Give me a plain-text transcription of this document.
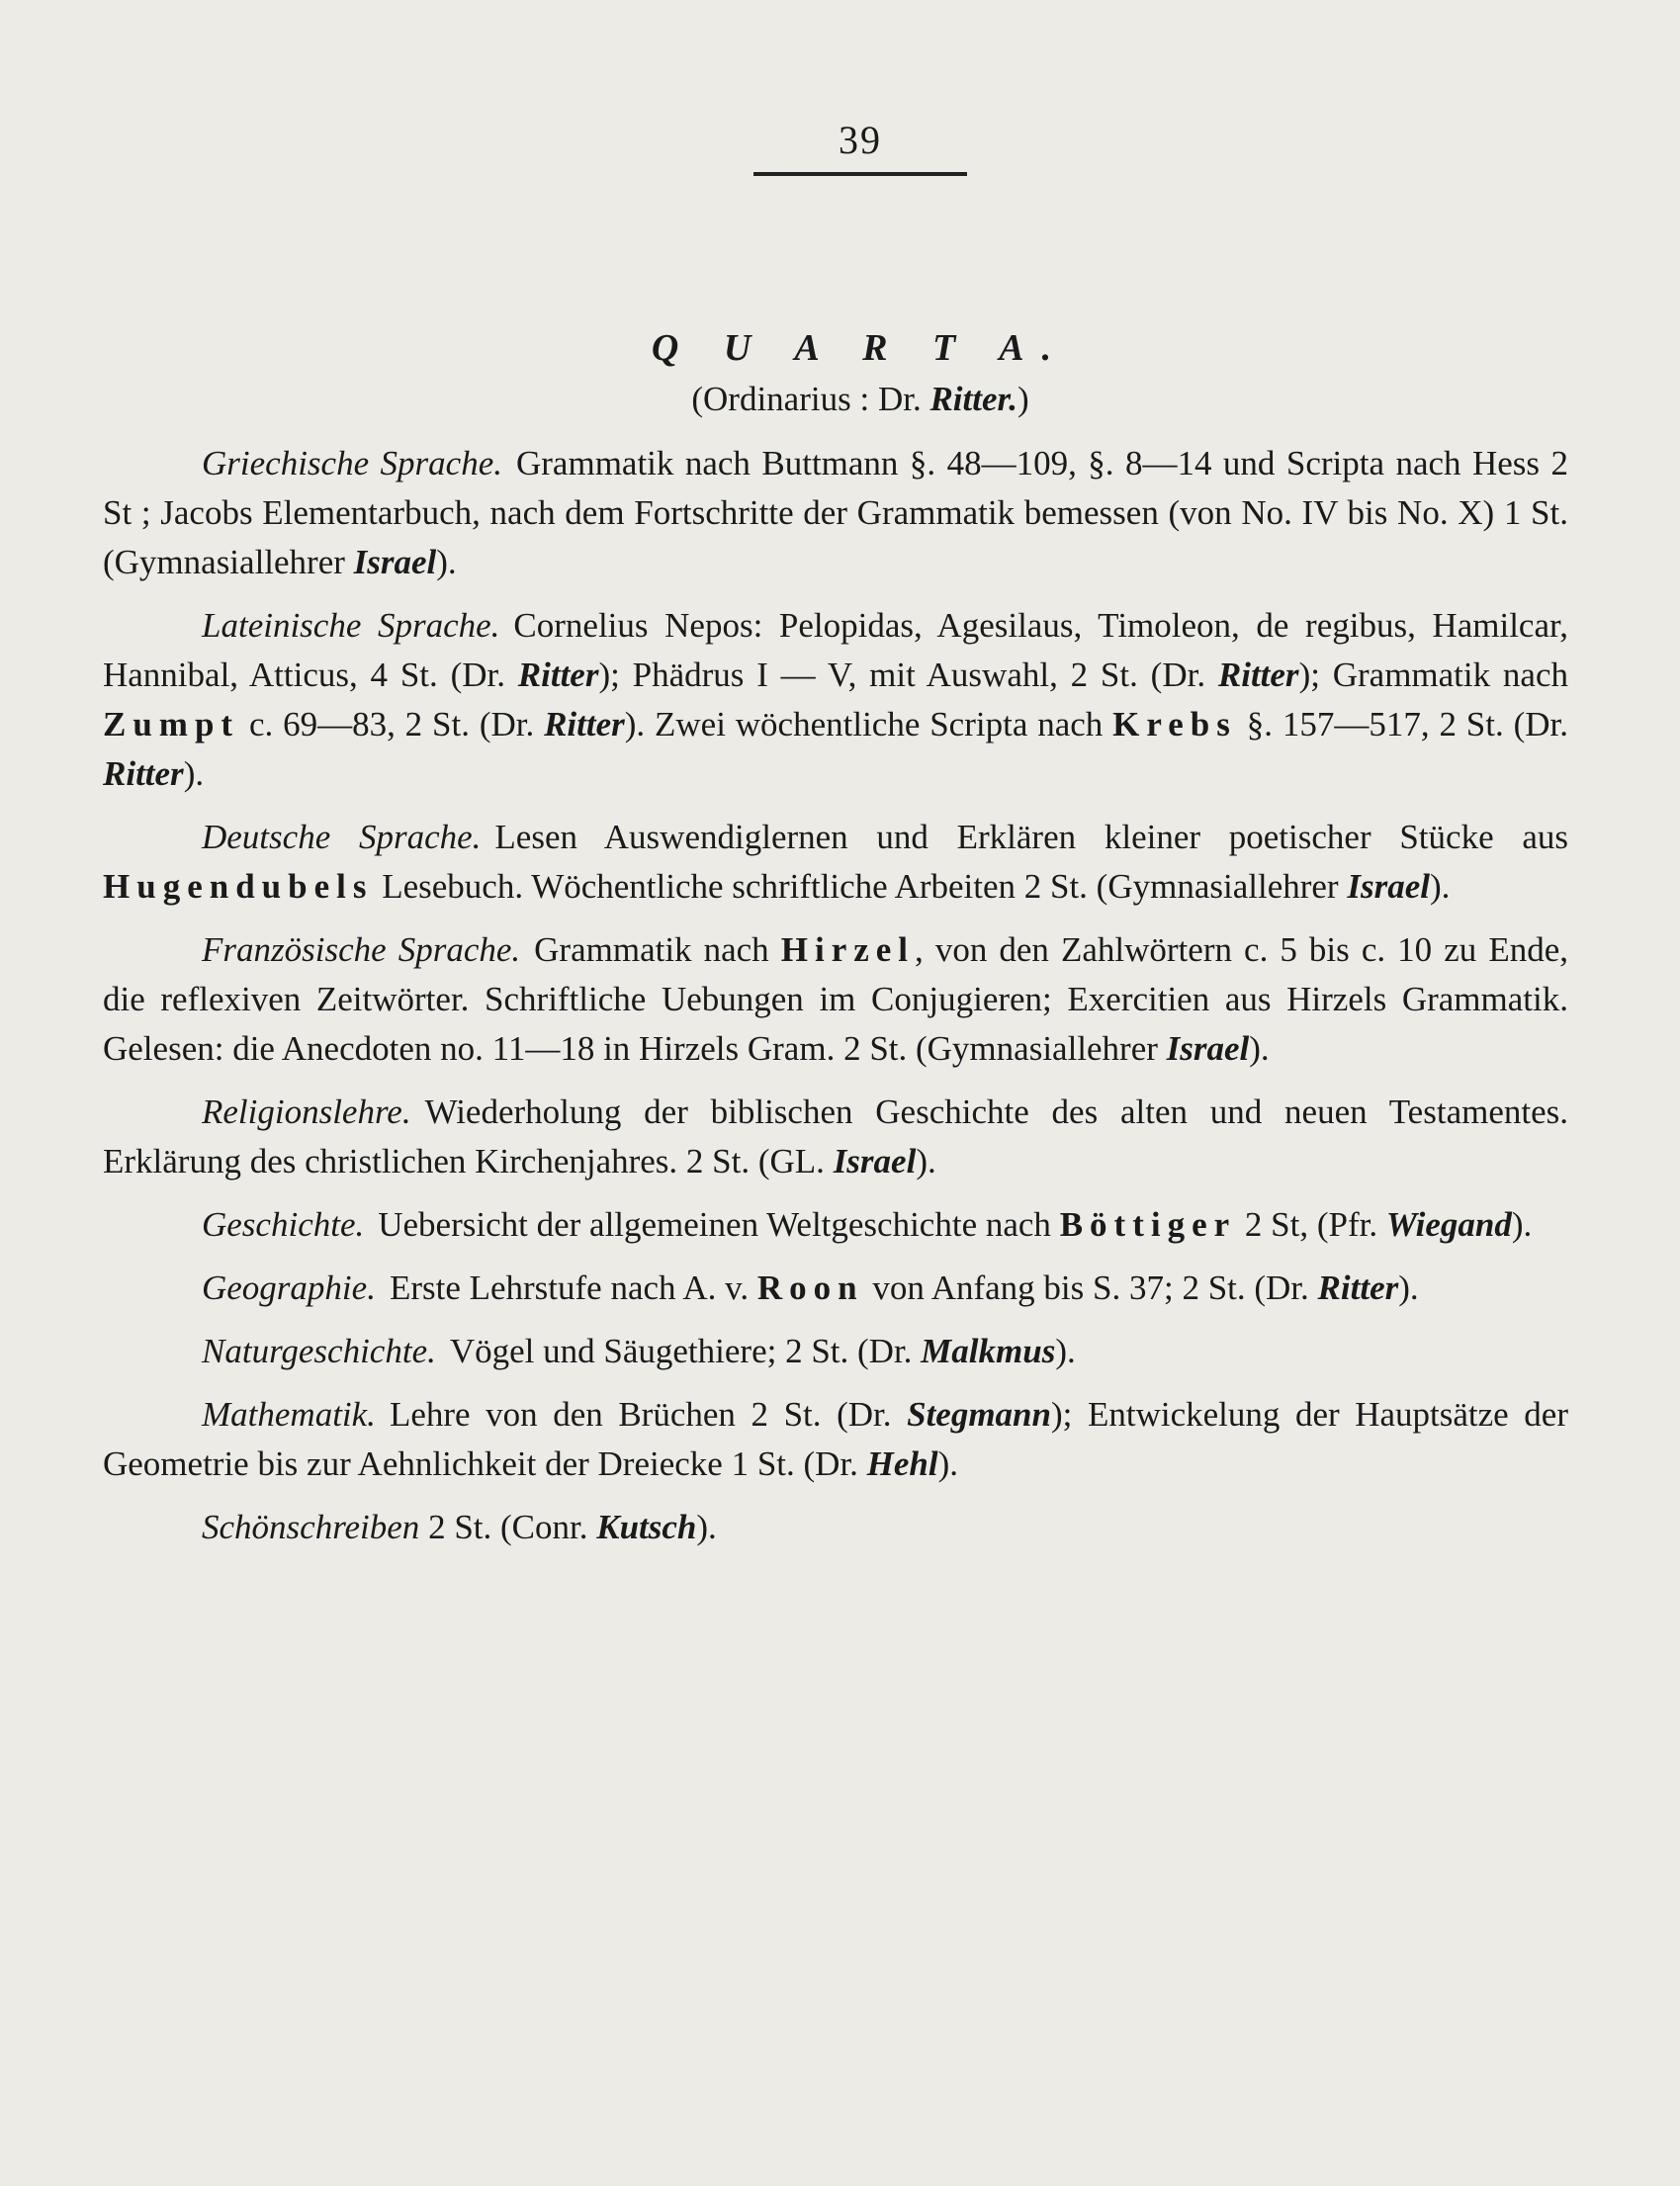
39
Q U A R T A.
(Ordinarius : Dr. Ritter.)

Griechische Sprache. Grammatik nach Buttmann §. 48—109, §. 8—14 und Scripta nach Hess 2 St ; Jacobs Elementarbuch, nach dem Fortschritte der Grammatik bemessen (von No. IV bis No. X) 1 St. (Gymnasiallehrer Israel).

Lateinische Sprache. Cornelius Nepos: Pelopidas, Agesilaus, Timoleon, de regibus, Hamilcar, Hannibal, Atticus, 4 St. (Dr. Ritter); Phädrus I — V, mit Auswahl, 2 St. (Dr. Ritter); Grammatik nach Zumpt c. 69—83, 2 St. (Dr. Ritter). Zwei wöchentliche Scripta nach Krebs §. 157—517, 2 St. (Dr. Ritter).

Deutsche Sprache. Lesen Auswendiglernen und Erklären kleiner poetischer Stücke aus Hugendubels Lesebuch. Wöchentliche schriftliche Arbeiten 2 St. (Gymnasiallehrer Israel).

Französische Sprache. Grammatik nach Hirzel, von den Zahlwörtern c. 5 bis c. 10 zu Ende, die reflexiven Zeitwörter. Schriftliche Uebungen im Conjugieren; Exercitien aus Hirzels Grammatik. Gelesen: die Anecdoten no. 11—18 in Hirzels Gram. 2 St. (Gymnasiallehrer Israel).

Religionslehre. Wiederholung der biblischen Geschichte des alten und neuen Testamentes. Erklärung des christlichen Kirchenjahres. 2 St. (GL. Israel).

Geschichte. Uebersicht der allgemeinen Weltgeschichte nach Böttiger 2 St, (Pfr. Wiegand).

Geographie. Erste Lehrstufe nach A. v. Roon von Anfang bis S. 37; 2 St. (Dr. Ritter).

Naturgeschichte. Vögel und Säugethiere; 2 St. (Dr. Malkmus).

Mathematik. Lehre von den Brüchen 2 St. (Dr. Stegmann); Entwickelung der Hauptsätze der Geometrie bis zur Aehnlichkeit der Dreiecke 1 St. (Dr. Hehl).

Schönschreiben 2 St. (Conr. Kutsch).
